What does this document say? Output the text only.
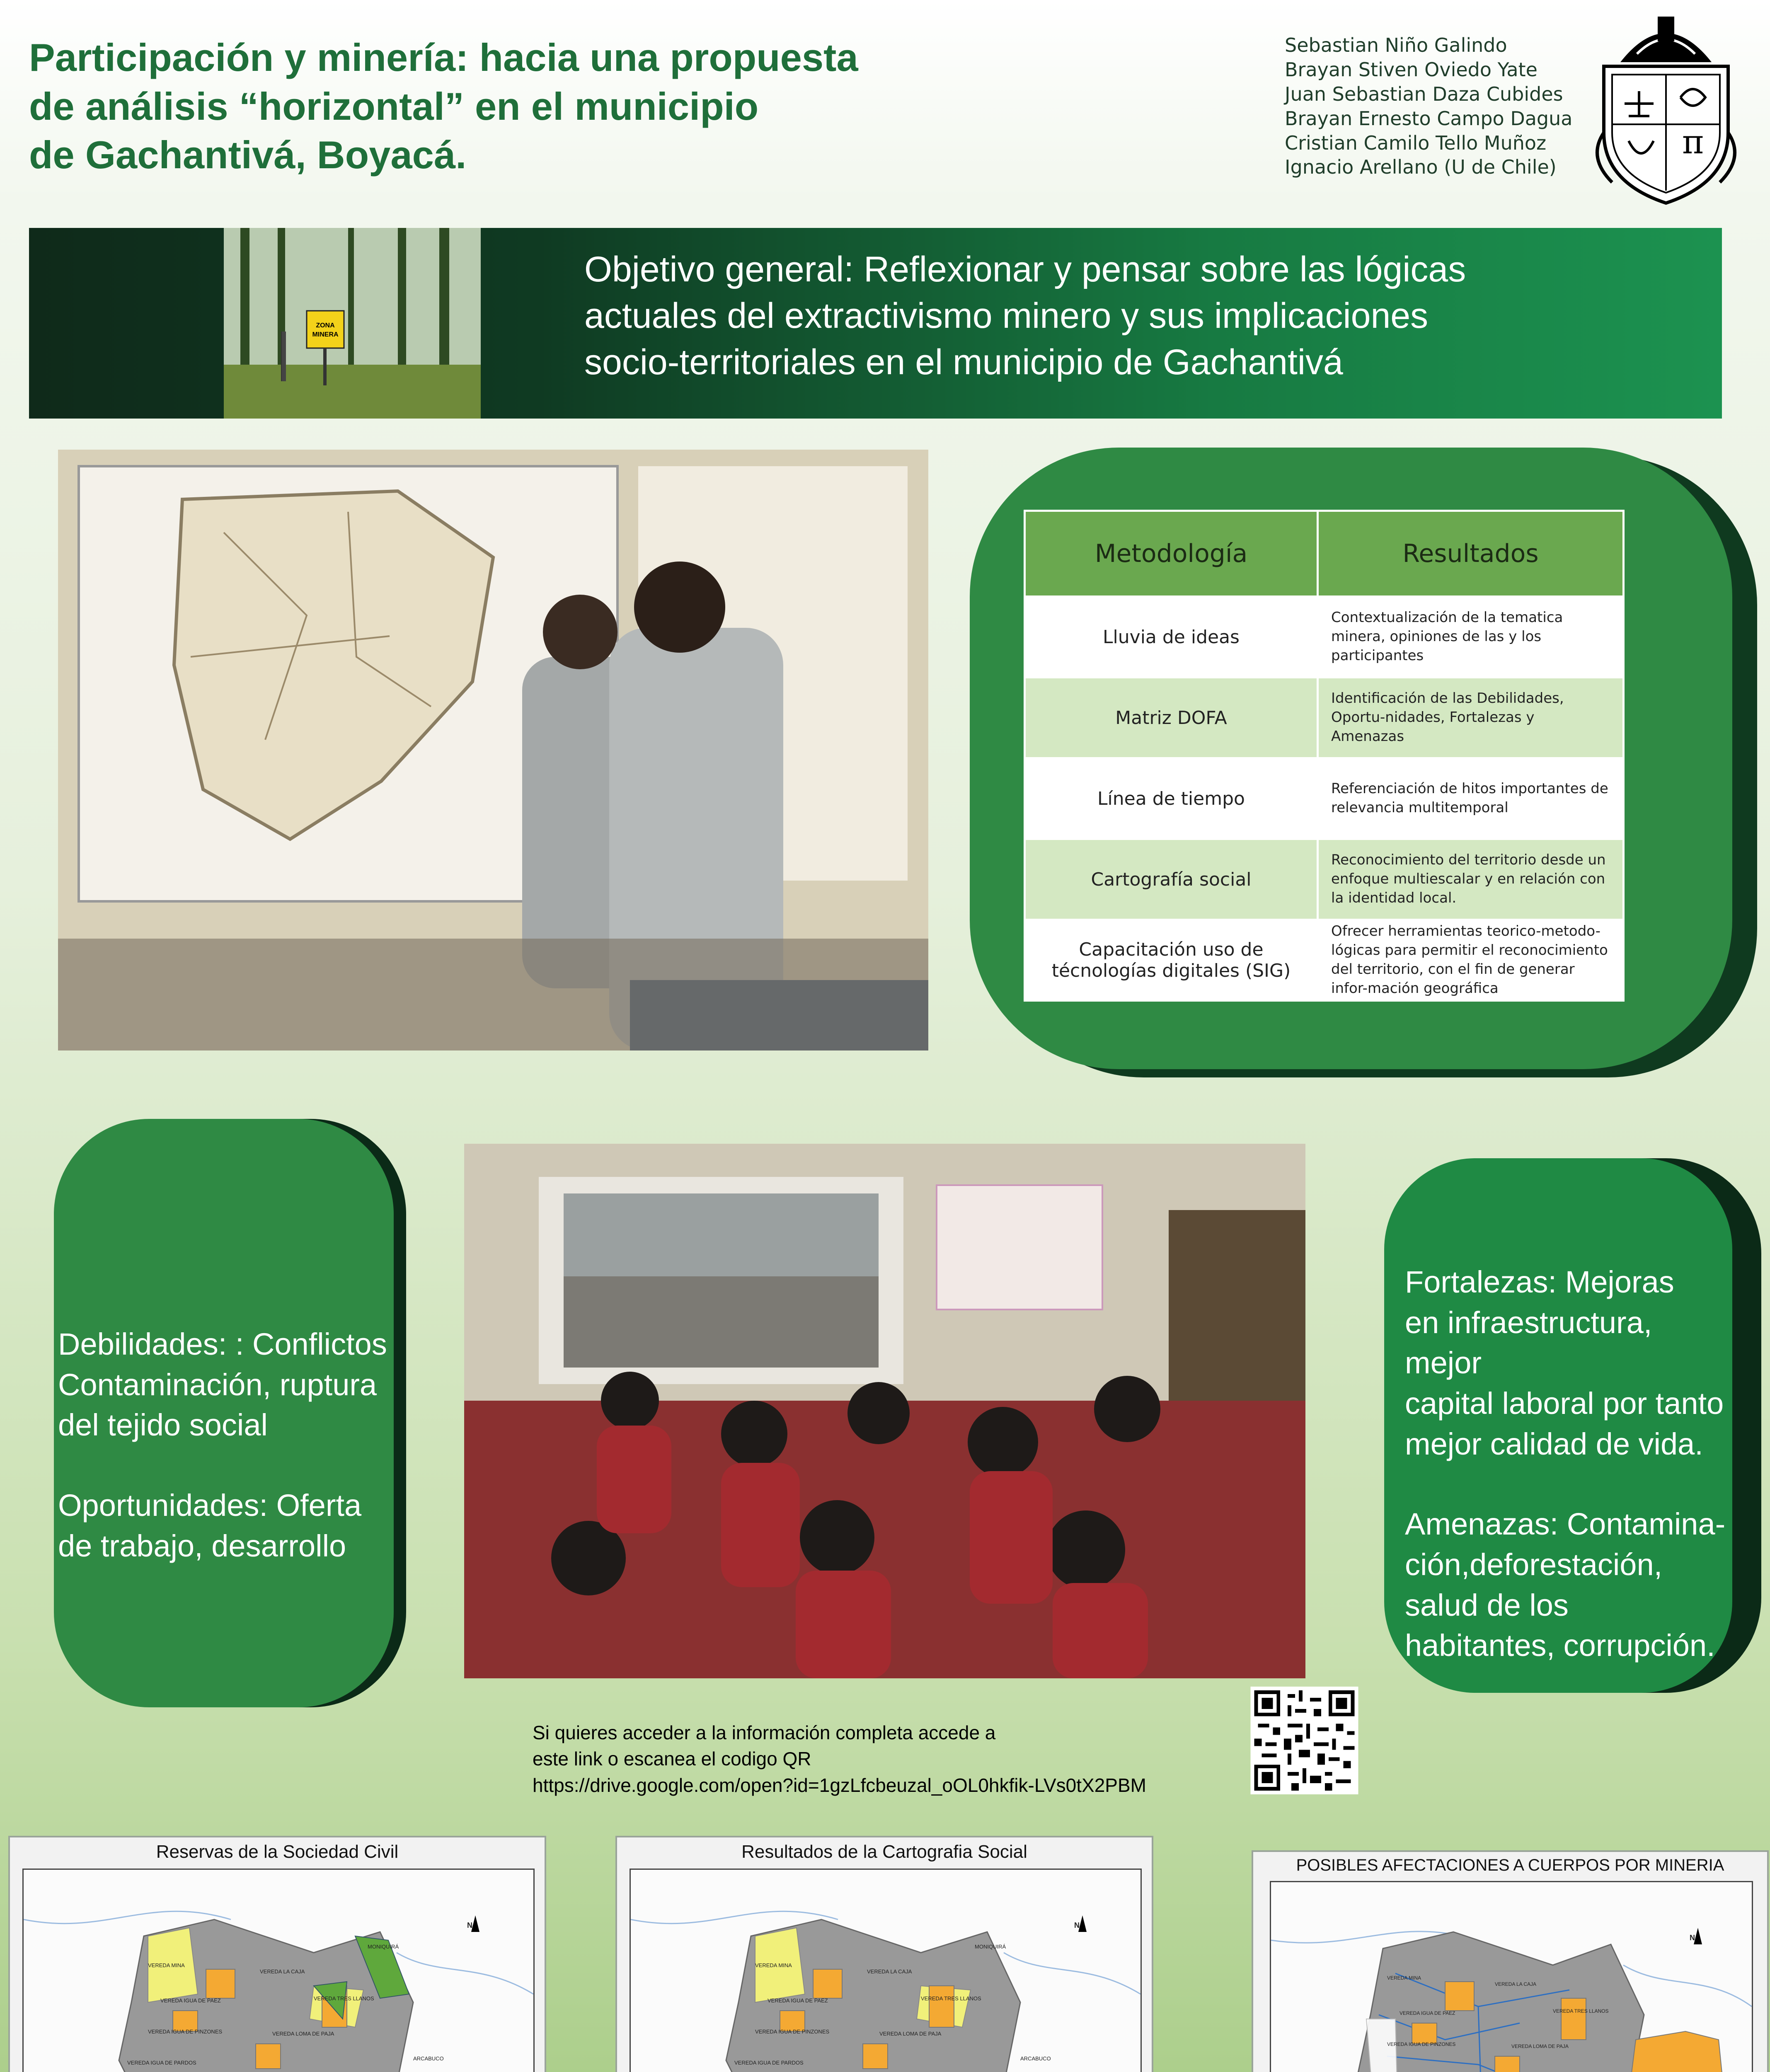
Participación y minería: hacia una propuesta
de análisis “horizontal” en el municipio
de Gachantivá, Boyacá.
Sebastian Niño Galindo
Brayan Stiven Oviedo Yate
Juan Sebastian Daza Cubides
Brayan Ernesto Campo Dagua
Cristian Camilo Tello Muñoz
Ignacio Arellano (U de Chile)
π
ZONA
MINERA
Objetivo general: Reflexionar y pensar sobre las lógicas
actuales del extractivismo minero y sus implicaciones
socio-territoriales en el municipio de Gachantivá
Metodología	Resultados
Lluvia de ideas	Contextualización de la tematica minera, opiniones de las y los participantes
Matriz DOFA	Identificación de las Debilidades, Oportu-nidades, Fortalezas y Amenazas
Línea de tiempo	Referenciación de hitos importantes de relevancia multitemporal
Cartografía social	Reconocimiento del territorio desde un enfoque multiescalar y en relación con la identidad local.
Capacitación uso de técnologías digitales (SIG)	Ofrecer herramientas teorico-metodo-lógicas para permitir el reconocimiento del territorio, con el fin de generar infor-mación geográfica
Debilidades: : Conflictos
Contaminación, ruptura
del tejido social
Oportunidades: Oferta
de trabajo, desarrollo
Fortalezas: Mejoras
en infraestructura, mejor
capital laboral por tanto
mejor calidad de vida.
Amenazas: Contamina-
ción,deforestación,
salud de los
habitantes, corrupción.
Si quieres acceder a la información completa accede a
este link o escanea el codigo QR
https://drive.google.com/open?id=1gzLfcbeuzal_oOL0hkfik-LVs0tX2PBM
Reservas de la Sociedad Civil
VEREDA MINA
VEREDA LA CAJA
VEREDA IGUA DE PAEZ	VEREDA TRES LLANOS
VEREDA IGUA DE PINZONES	VEREDA LOMA DE PAJA
VEREDA IGUA DE PARDOS
MONIQUIRÁ
ARCABUCO
N
Resultados de la Cartografia Social
VEREDA MINA
VEREDA LA CAJA
VEREDA IGUA DE PAEZ	VEREDA TRES LLANOS
VEREDA IGUA DE PINZONES	VEREDA LOMA DE PAJA
VEREDA IGUA DE PARDOS
MONIQUIRÁ
ARCABUCO
N
POSIBLES AFECTACIONES A CUERPOS POR MINERIA
VEREDA MINA
VEREDA LA CAJA
VEREDA IGUA DE PAEZ	VEREDA TRES LLANOS
VEREDA IGUA DE PINZONES	VEREDA LOMA DE PAJA
N
